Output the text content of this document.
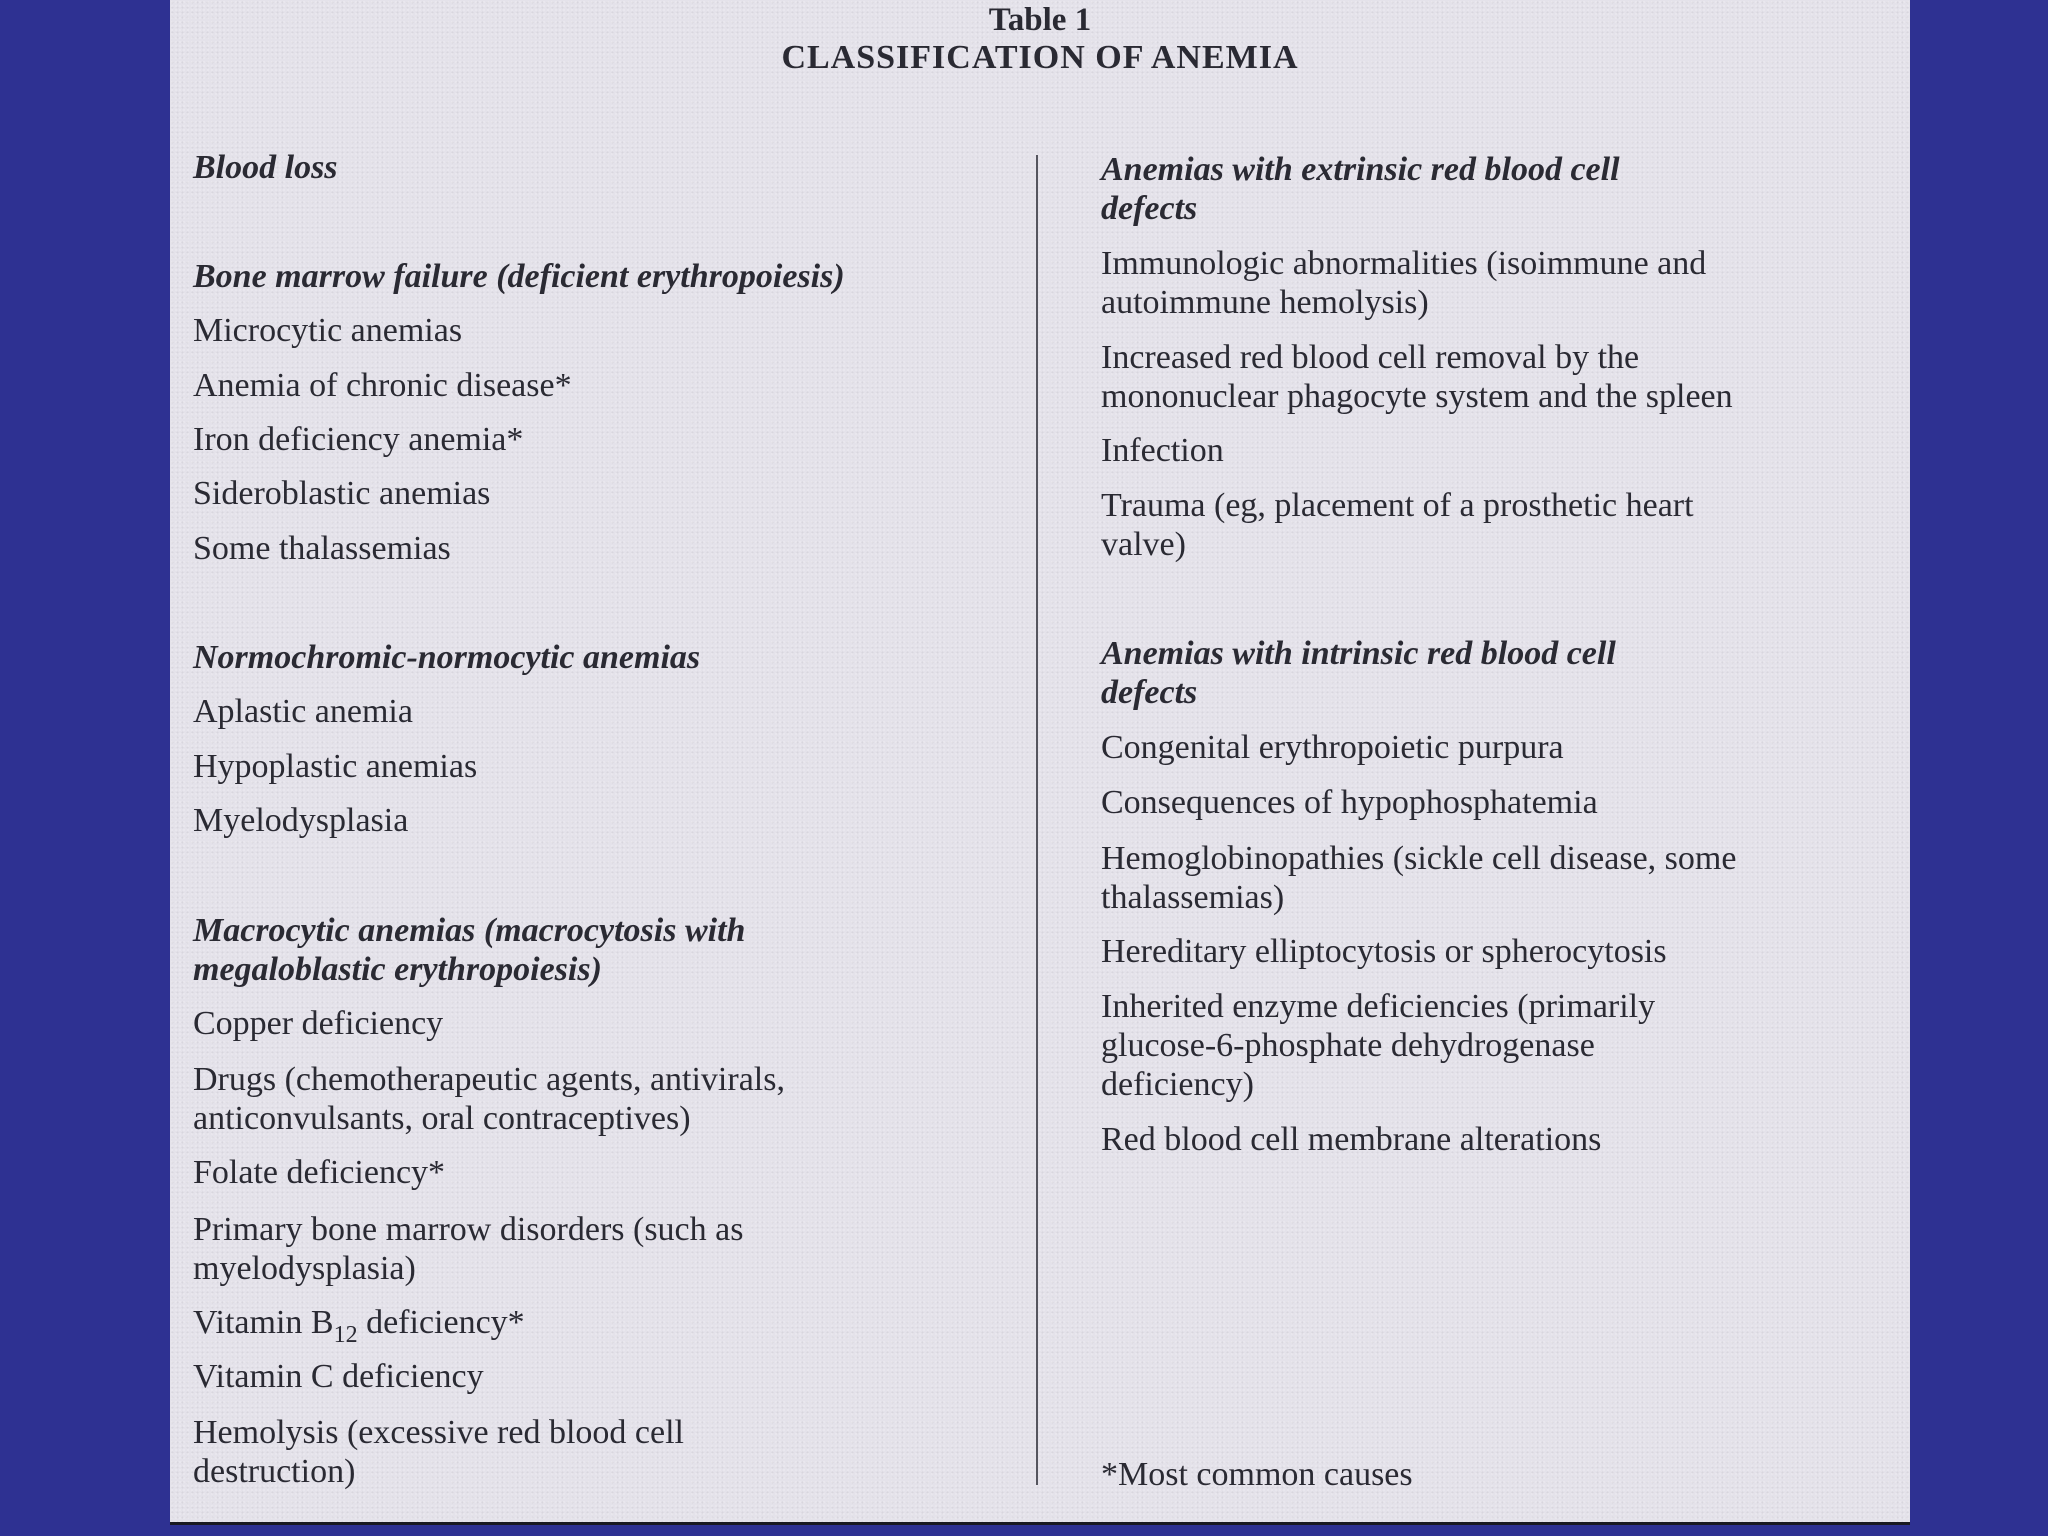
Table 1
CLASSIFICATION OF ANEMIA

Blood loss

Bone marrow failure (deficient erythropoiesis)

Microcytic anemias

Anemia of chronic disease*

Iron deficiency anemia*

Sideroblastic anemias

Some thalassemias

Normochromic-normocytic anemias

Aplastic anemia

Hypoplastic anemias

Myelodysplasia

Macrocytic anemias (macrocytosis with

megaloblastic erythropoiesis)

Copper deficiency

Drugs (chemotherapeutic agents, antivirals,

anticonvulsants, oral contraceptives)

Folate deficiency*

Primary bone marrow disorders (such as

myelodysplasia)

Vitamin $B_{12}$ deficiency*

Vitamin C deficiency

Hemolysis (excessive red blood cell

destruction)

Anemias with extrinsic red blood cell

defects

Immunologic abnormalities (isoimmune and

autoimmune hemolysis)

Increased red blood cell removal by the

mononuclear phagocyte system and the spleen

Infection

Trauma (eg, placement of a prosthetic heart

valve)

Anemias with intrinsic red blood cell

defects

Congenital erythropoietic purpura

Consequences of hypophosphatemia

Hemoglobinopathies (sickle cell disease, some

thalassemias)

Hereditary elliptocytosis or spherocytosis

Inherited enzyme deficiencies (primarily

glucose-6-phosphate dehydrogenase

deficiency)

Red blood cell membrane alterations

*Most common causes
